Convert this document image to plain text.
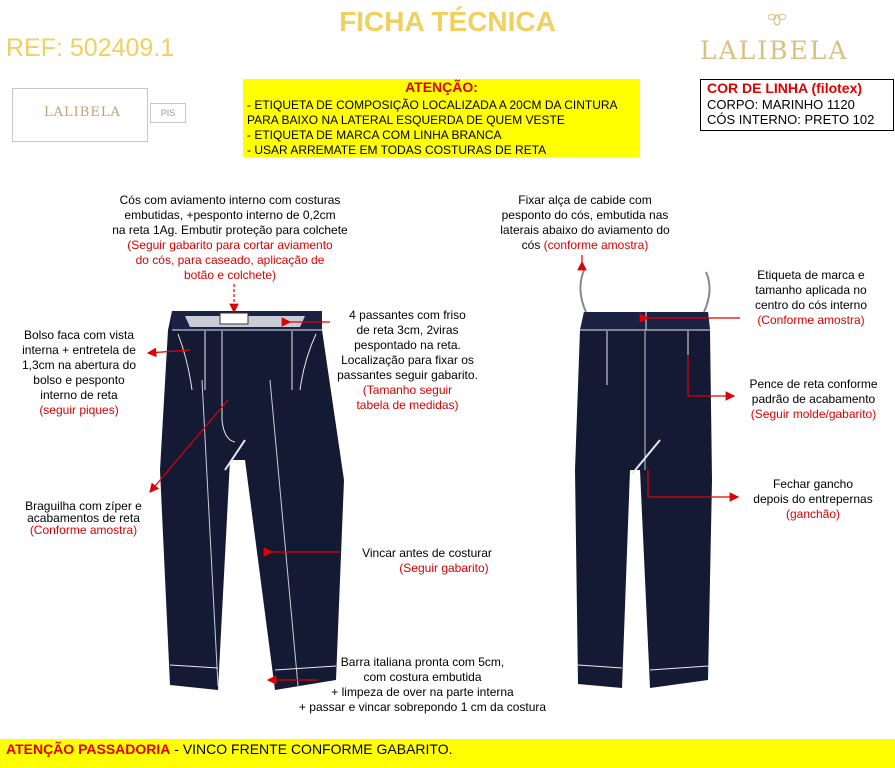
FICHA TÉCNICA
REF: 502409.1	LALIBELA
LALIBELA	PIS
ATENÇÃO:
- ETIQUETA DE COMPOSIÇÃO LOCALIZADA A 20CM DA CINTURA
PARA BAIXO NA LATERAL ESQUERDA DE QUEM VESTE
- ETIQUETA DE MARCA COM LINHA BRANCA
- USAR ARREMATE EM TODAS COSTURAS DE RETA
COR DE LINHA (filotex)
CORPO: MARINHO 1120
CÓS INTERNO: PRETO 102
Cós com aviamento interno com costuras
embutidas, +pesponto interno de 0,2cm
na reta 1Ag. Embutir proteção para colchete
(Seguir gabarito para cortar aviamento
do cós, para caseado, aplicação de
botão e colchete)
Bolso faca com vista
interna + entretela de
1,3cm na abertura do
bolso e pesponto
interno de reta
(seguir piques)
4 passantes com friso
de reta 3cm, 2viras
pespontado na reta.
Localização para fixar os
passantes seguir gabarito.
(Tamanho seguir
tabela de medidas)
Braguilha com zíper e
acabamentos de reta
(Conforme amostra)
Vincar antes de costurar
(Seguir gabarito)
Barra italiana pronta com 5cm,
com costura embutida
+ limpeza de over na parte interna
+ passar e vincar sobrepondo 1 cm da costura
Fixar alça de cabide com
pesponto do cós, embutida nas
laterais abaixo do aviamento do
cós (conforme amostra)
Etiqueta de marca e
tamanho aplicada no
centro do cós interno
(Conforme amostra)
Pence de reta conforme
padrão de acabamento
(Seguir molde/gabarito)
Fechar gancho
depois do entrepernas
(ganchão)
ATENÇÃO PASSADORIA - VINCO FRENTE CONFORME GABARITO.
